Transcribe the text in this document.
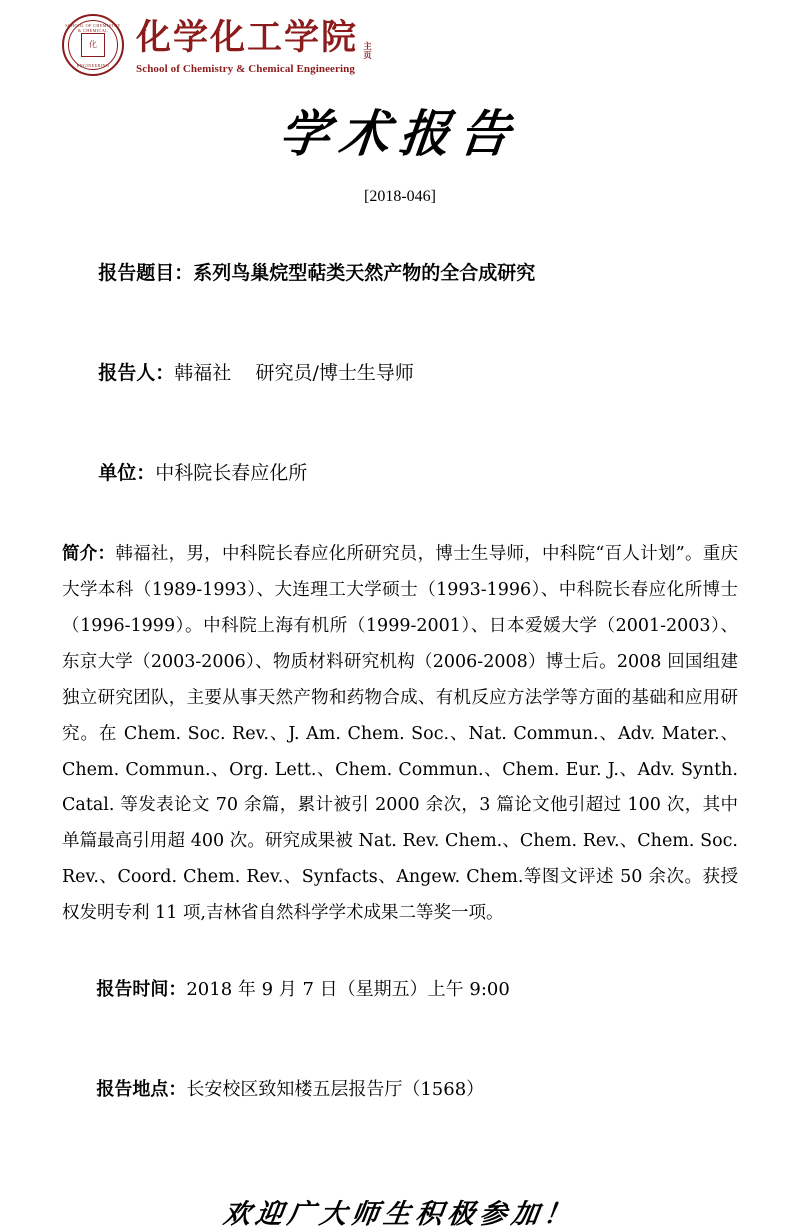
SCHOOL OF CHEMISTRY & CHEMICAL
化
ENGINEERING
化学化工学院 主页
School of Chemistry & Chemical Engineering
学术报告
[2018-046]

报告题目：系列鸟巢烷型萜类天然产物的全合成研究

报告人：韩福社 研究员/博士生导师

单位：中科院长春应化所

简介：韩福社，男，中科院长春应化所研究员，博士生导师，中科院“百人计划”。重庆大学本科（1989-1993）、大连理工大学硕士（1993-1996）、中科院长春应化所博士（1996-1999）。中科院上海有机所（1999-2001）、日本爱媛大学（2001-2003）、东京大学（2003-2006）、物质材料研究机构（2006-2008）博士后。2008 回国组建独立研究团队，主要从事天然产物和药物合成、有机反应方法学等方面的基础和应用研究。在 Chem. Soc. Rev.、J. Am. Chem. Soc.、Nat. Commun.、Adv. Mater.、Chem. Commun.、Org. Lett.、Chem. Commun.、Chem. Eur. J.、Adv. Synth. Catal. 等发表论文 70 余篇，累计被引 2000 余次，3 篇论文他引超过 100 次，其中单篇最高引用超 400 次。研究成果被 Nat. Rev. Chem.、Chem. Rev.、Chem. Soc. Rev.、Coord. Chem. Rev.、Synfacts、Angew. Chem.等图文评述 50 余次。获授权发明专利 11 项,吉林省自然科学学术成果二等奖一项。

报告时间：2018 年 9 月 7 日（星期五）上午 9:00

报告地点：长安校区致知楼五层报告厅（1568）

欢迎广大师生积极参加！
